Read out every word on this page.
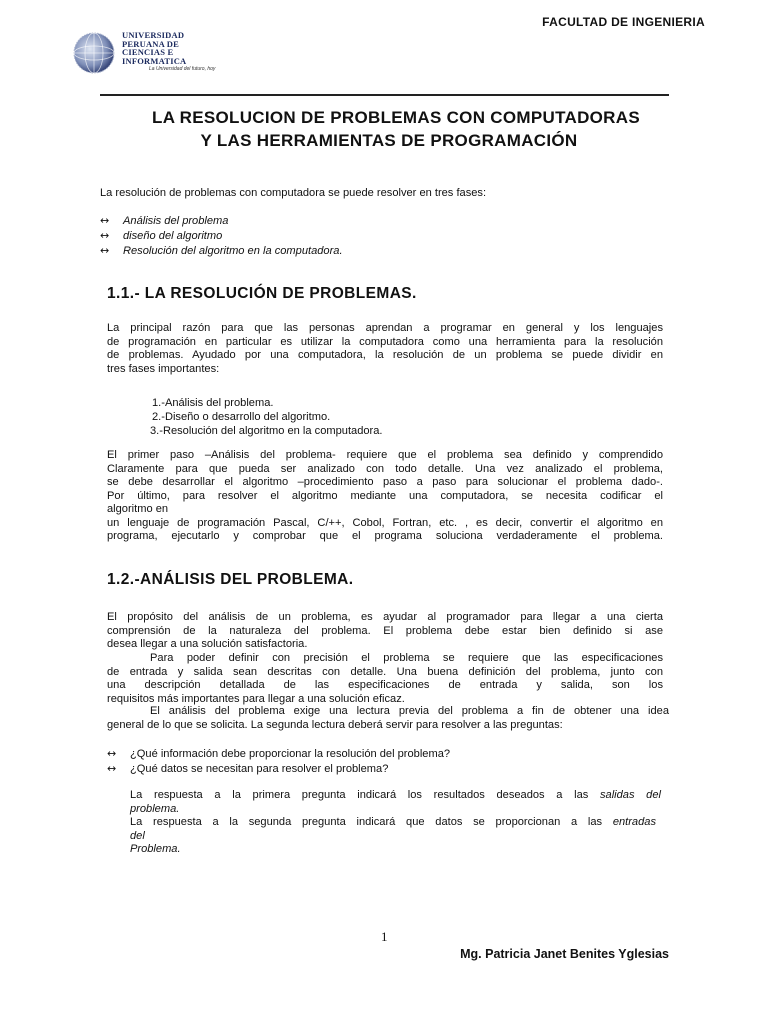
FACULTAD DE INGENIERIA
UNIVERSIDAD
PERUANA DE
CIENCIAS E
INFORMATICA
La Universidad del futuro, hoy
LA RESOLUCION DE PROBLEMAS CON COMPUTADORAS
Y LAS HERRAMIENTAS DE PROGRAMACIÓN
La resolución de problemas con computadora se puede resolver en tres fases:
↔ Análisis del problema
↔ diseño del algoritmo
↔ Resolución del algoritmo en la computadora.
1.1.- LA RESOLUCIÓN DE PROBLEMAS.
La principal razón para que las personas aprendan a programar en general y los lenguajes
de programación en particular es utilizar la computadora como una herramienta para la resolución
de problemas. Ayudado por una computadora, la resolución de un problema se puede dividir en
tres fases importantes:
1.-Análisis del problema.
2.-Diseño o desarrollo del algoritmo.
3.-Resolución del algoritmo en la computadora.
El primer paso –Análisis del problema- requiere que el problema sea definido y comprendido
Claramente para que pueda ser analizado con todo detalle. Una vez analizado el problema,
se debe desarrollar el algoritmo –procedimiento paso a paso para solucionar el problema dado-.
Por último, para resolver el algoritmo mediante una computadora, se necesita codificar el
algoritmo en
un lenguaje de programación Pascal, C/++, Cobol, Fortran, etc. , es decir, convertir el algoritmo en
programa, ejecutarlo y comprobar que el programa soluciona verdaderamente el problema.
1.2.-ANÁLISIS DEL PROBLEMA.
El propósito del análisis de un problema, es ayudar al programador para llegar a una cierta
comprensión de la naturaleza del problema. El problema debe estar bien definido si ase
desea llegar a una solución satisfactoria.
Para poder definir con precisión el problema se requiere que las especificaciones
de entrada y salida sean descritas con detalle. Una buena definición del problema, junto con
una descripción detallada de las especificaciones de entrada y salida, son los
requisitos más importantes para llegar a una solución eficaz.
El análisis del problema exige una lectura previa del problema a fin de obtener una idea
general de lo que se solicita. La segunda lectura deberá servir para resolver a las preguntas:
↔ ¿Qué información debe proporcionar la resolución del problema?
↔ ¿Qué datos se necesitan para resolver el problema?
La respuesta a la primera pregunta indicará los resultados deseados a las salidas del
problema.
La respuesta a la segunda pregunta indicará que datos se proporcionan a las entradas
del
Problema.
1
Mg. Patricia Janet Benites Yglesias
